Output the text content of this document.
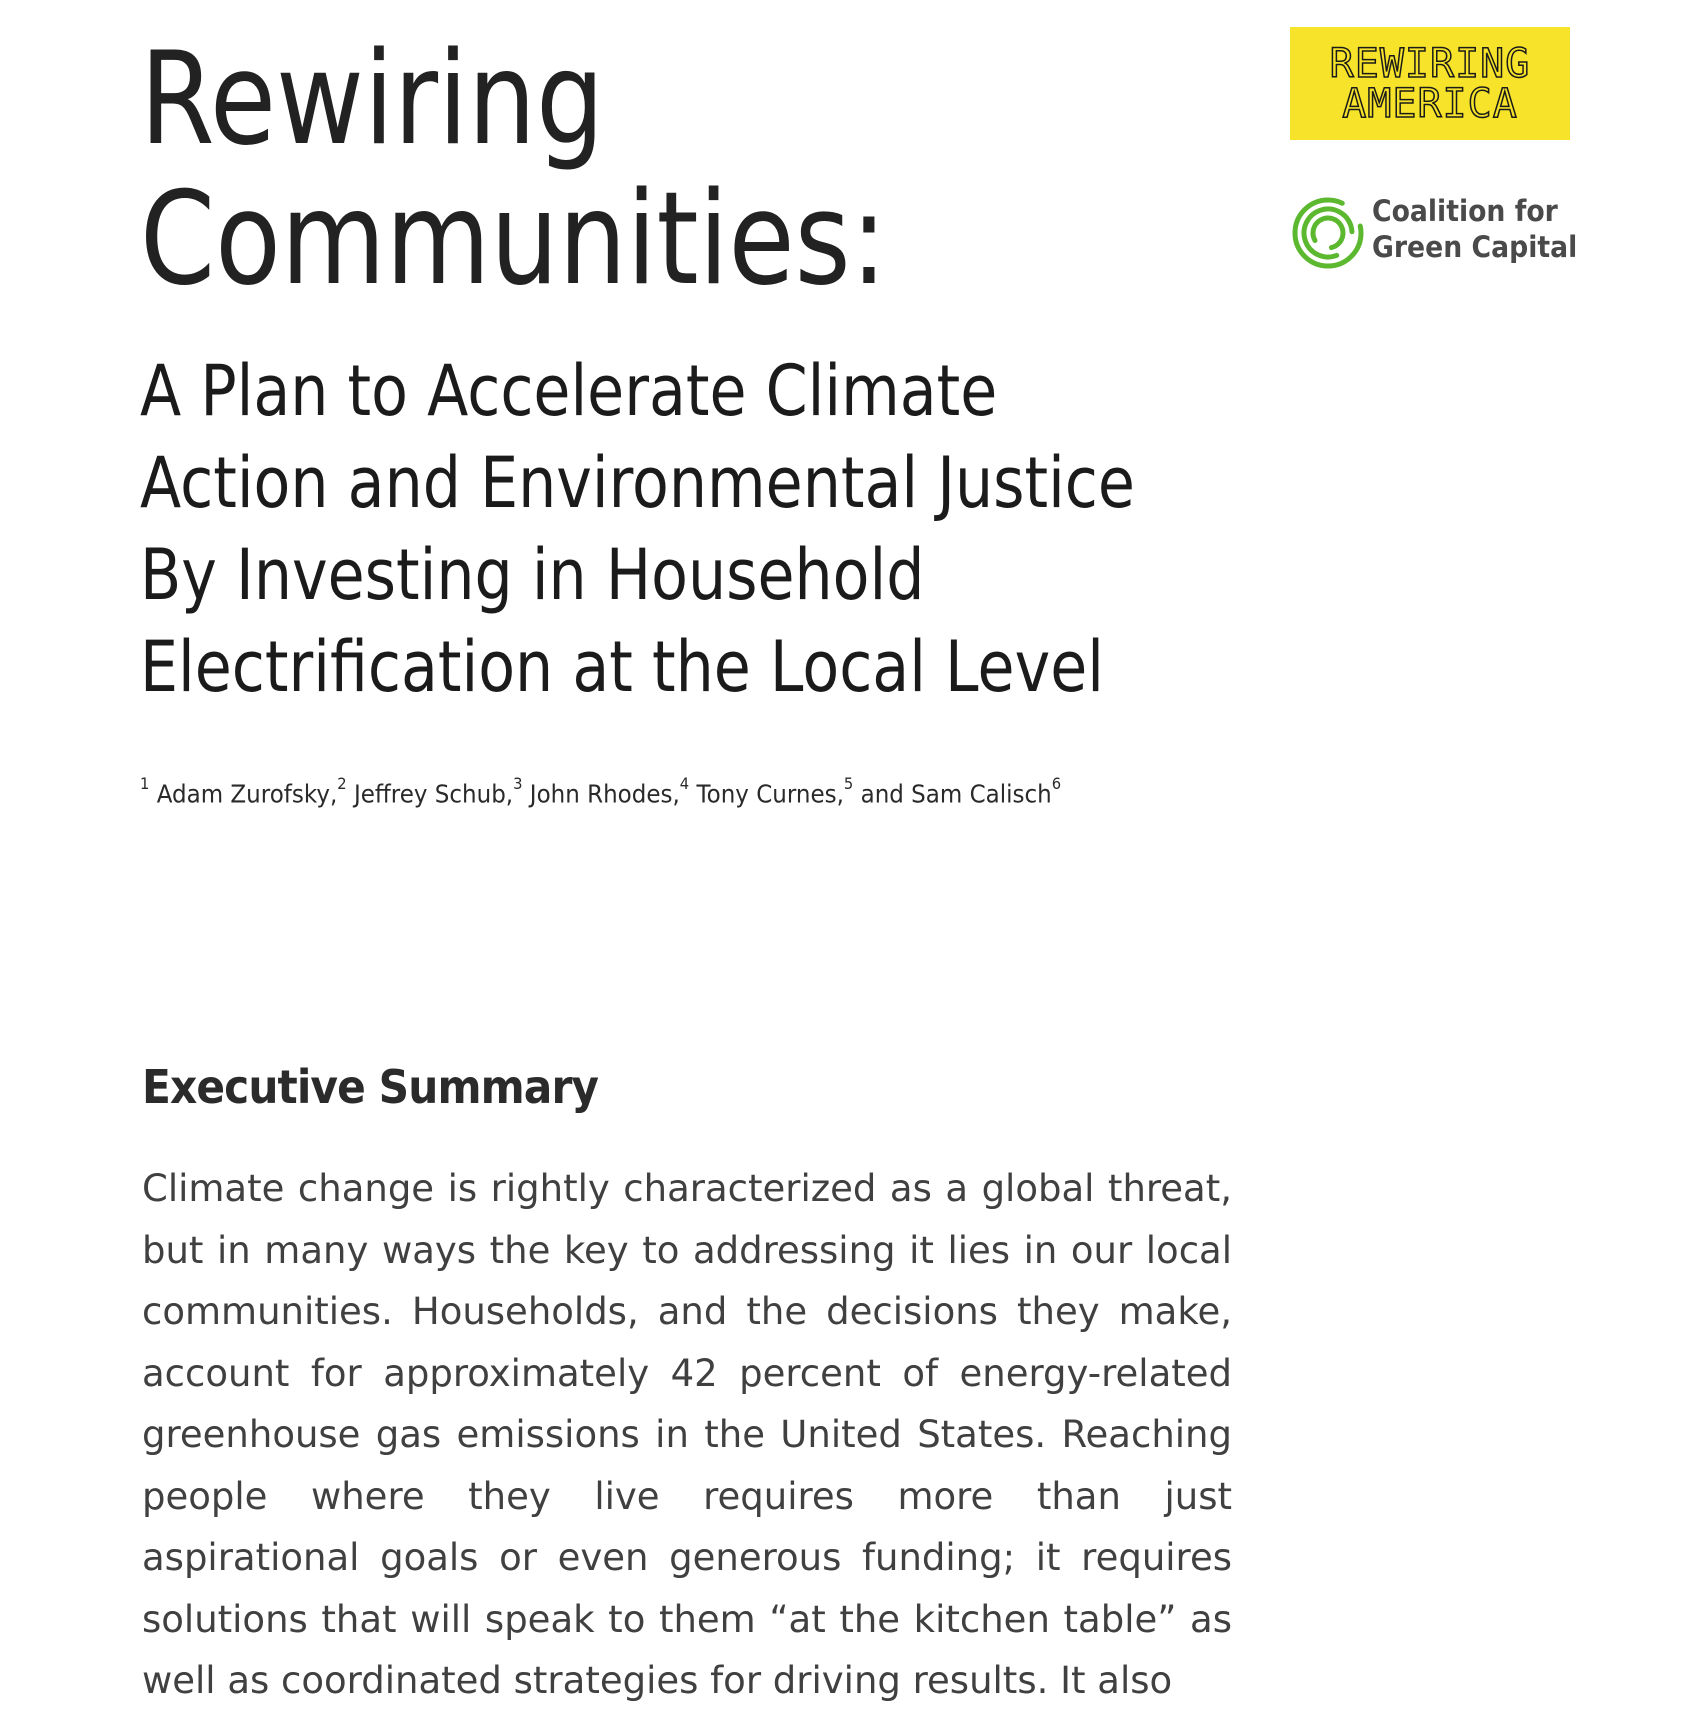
Rewiring
Communities:
A Plan to Accelerate Climate
Action and Environmental Justice
By Investing in Household
Electrification at the Local Level
$^1$ Adam Zurofsky,$^2$ Jeffrey Schub,$^3$ John Rhodes,$^4$ Tony Curnes,$^5$ and Sam Calisch$^6$
REWIRING
AMERICA
Coalition for
Green Capital
Executive Summary

Climate change is rightly characterized as a global threat, but in many ways the key to addressing it lies in our local communities. Households, and the decisions they make, account for approximately 42 percent of energy-related greenhouse gas emissions in the United States. Reaching people where they live requires more than just aspirational goals or even generous funding; it requires solutions that will speak to them “at the kitchen table” as well as coordinated strategies for driving results. It also
